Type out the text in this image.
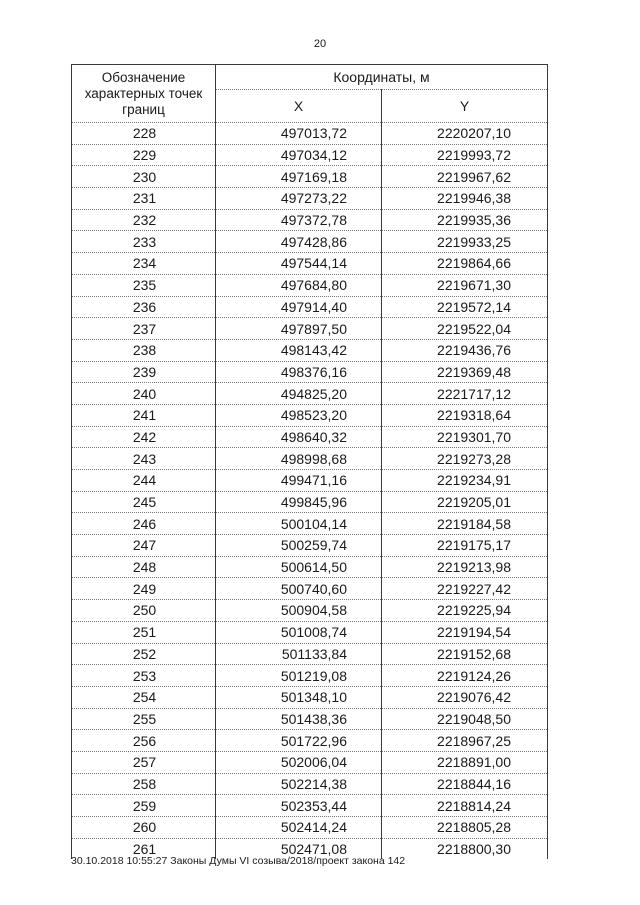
20
Обозначение характерных точек границ	Координаты, м	
	X	Y
228	497013,72	2220207,10
229	497034,12	2219993,72
230	497169,18	2219967,62
231	497273,22	2219946,38
232	497372,78	2219935,36
233	497428,86	2219933,25
234	497544,14	2219864,66
235	497684,80	2219671,30
236	497914,40	2219572,14
237	497897,50	2219522,04
238	498143,42	2219436,76
239	498376,16	2219369,48
240	494825,20	2221717,12
241	498523,20	2219318,64
242	498640,32	2219301,70
243	498998,68	2219273,28
244	499471,16	2219234,91
245	499845,96	2219205,01
246	500104,14	2219184,58
247	500259,74	2219175,17
248	500614,50	2219213,98
249	500740,60	2219227,42
250	500904,58	2219225,94
251	501008,74	2219194,54
252	501133,84	2219152,68
253	501219,08	2219124,26
254	501348,10	2219076,42
255	501438,36	2219048,50
256	501722,96	2218967,25
257	502006,04	2218891,00
258	502214,38	2218844,16
259	502353,44	2218814,24
260	502414,24	2218805,28
261	502471,08	2218800,30
30.10.2018 10:55:27 Законы Думы VI созыва/2018/проект закона 142
